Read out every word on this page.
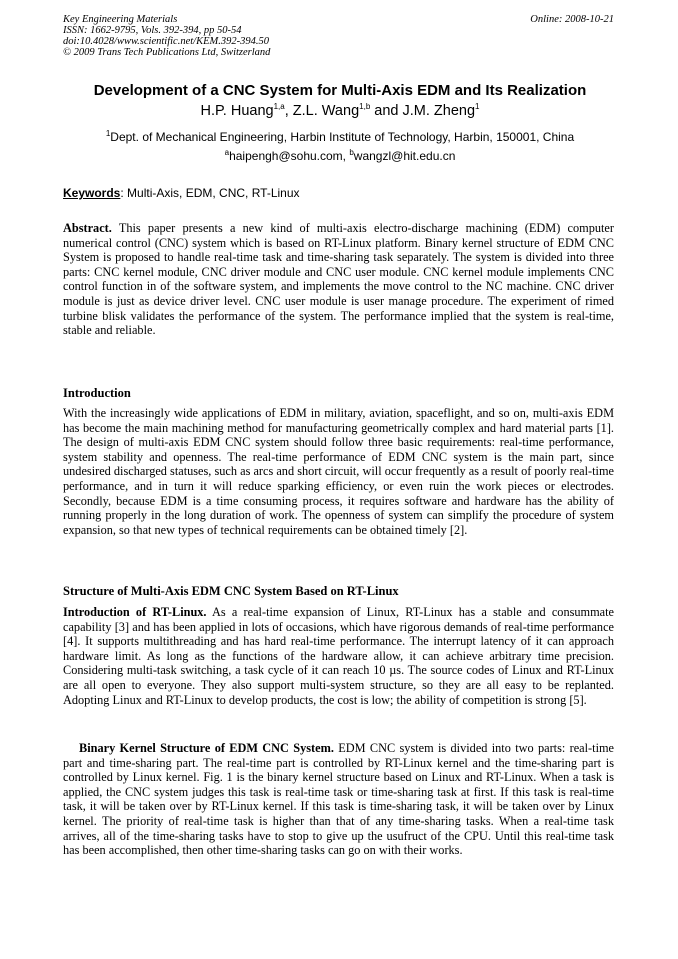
Key Engineering Materials	Online: 2008-10-21
ISSN: 1662-9795, Vols. 392-394, pp 50-54
doi:10.4028/www.scientific.net/KEM.392-394.50
© 2009 Trans Tech Publications Ltd, Switzerland
Development of a CNC System for Multi-Axis EDM and Its Realization
H.P. Huang$^{1,a}$, Z.L. Wang$^{1,b}$ and J.M. Zheng$^1$
$^1$Dept. of Mechanical Engineering, Harbin Institute of Technology, Harbin, 150001, China
$^a$haipengh@sohu.com, $^b$wangzl@hit.edu.cn
Keywords: Multi-Axis, EDM, CNC, RT-Linux
Abstract. This paper presents a new kind of multi-axis electro-discharge machining (EDM) computer numerical control (CNC) system which is based on RT-Linux platform. Binary kernel structure of EDM CNC System is proposed to handle real-time task and time-sharing task separately. The system is divided into three parts: CNC kernel module, CNC driver module and CNC user module. CNC kernel module implements CNC control function in of the software system, and implements the move control to the NC machine. CNC driver module is just as device driver level. CNC user module is user manage procedure. The experiment of rimed turbine blisk validates the performance of the system. The performance implied that the system is real-time, stable and reliable.
Introduction
With the increasingly wide applications of EDM in military, aviation, spaceflight, and so on, multi-axis EDM has become the main machining method for manufacturing geometrically complex and hard material parts [1]. The design of multi-axis EDM CNC system should follow three basic requirements: real-time performance, system stability and openness. The real-time performance of EDM CNC system is the main part, since undesired discharged statuses, such as arcs and short circuit, will occur frequently as a result of poorly real-time performance, and in turn it will reduce sparking efficiency, or even ruin the work pieces or electrodes. Secondly, because EDM is a time consuming process, it requires software and hardware has the ability of running properly in the long duration of work. The openness of system can simplify the procedure of system expansion, so that new types of technical requirements can be obtained timely [2].
Structure of Multi-Axis EDM CNC System Based on RT-Linux
Introduction of RT-Linux. As a real-time expansion of Linux, RT-Linux has a stable and consummate capability [3] and has been applied in lots of occasions, which have rigorous demands of real-time performance [4]. It supports multithreading and has hard real-time performance. The interrupt latency of it can approach hardware limit. As long as the functions of the hardware allow, it can achieve arbitrary time precision. Considering multi-task switching, a task cycle of it can reach 10 µs. The source codes of Linux and RT-Linux are all open to everyone. They also support multi-system structure, so they are all easy to be replanted. Adopting Linux and RT-Linux to develop products, the cost is low; the ability of competition is strong [5].
Binary Kernel Structure of EDM CNC System. EDM CNC system is divided into two parts: real-time part and time-sharing part. The real-time part is controlled by RT-Linux kernel and the time-sharing part is controlled by Linux kernel. Fig. 1 is the binary kernel structure based on Linux and RT-Linux. When a task is applied, the CNC system judges this task is real-time task or time-sharing task at first. If this task is real-time task, it will be taken over by RT-Linux kernel. If this task is time-sharing task, it will be taken over by Linux kernel. The priority of real-time task is higher than that of any time-sharing tasks. When a real-time task arrives, all of the time-sharing tasks have to stop to give up the usufruct of the CPU. Until this real-time task has been accomplished, then other time-sharing tasks can go on with their works.
